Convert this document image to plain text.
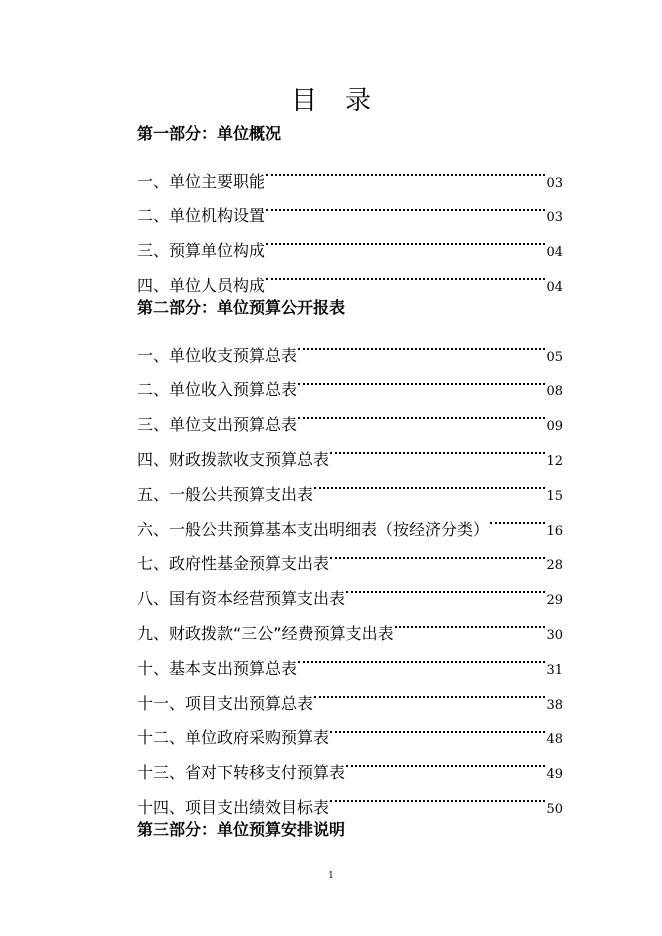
目录
第一部分：单位概况
一、单位主要职能	03
二、单位机构设置	03
三、预算单位构成	04
四、单位人员构成	04
第二部分：单位预算公开报表
一、单位收支预算总表	05
二、单位收入预算总表	08
三、单位支出预算总表	09
四、财政拨款收支预算总表	12
五、一般公共预算支出表	15
六、一般公共预算基本支出明细表（按经济分类）	16
七、政府性基金预算支出表	28
八、国有资本经营预算支出表	29
九、财政拨款“三公”经费预算支出表	30
十、基本支出预算总表	31
十一、项目支出预算总表	38
十二、单位政府采购预算表	48
十三、省对下转移支付预算表	49
十四、项目支出绩效目标表	50
第三部分：单位预算安排说明
1
